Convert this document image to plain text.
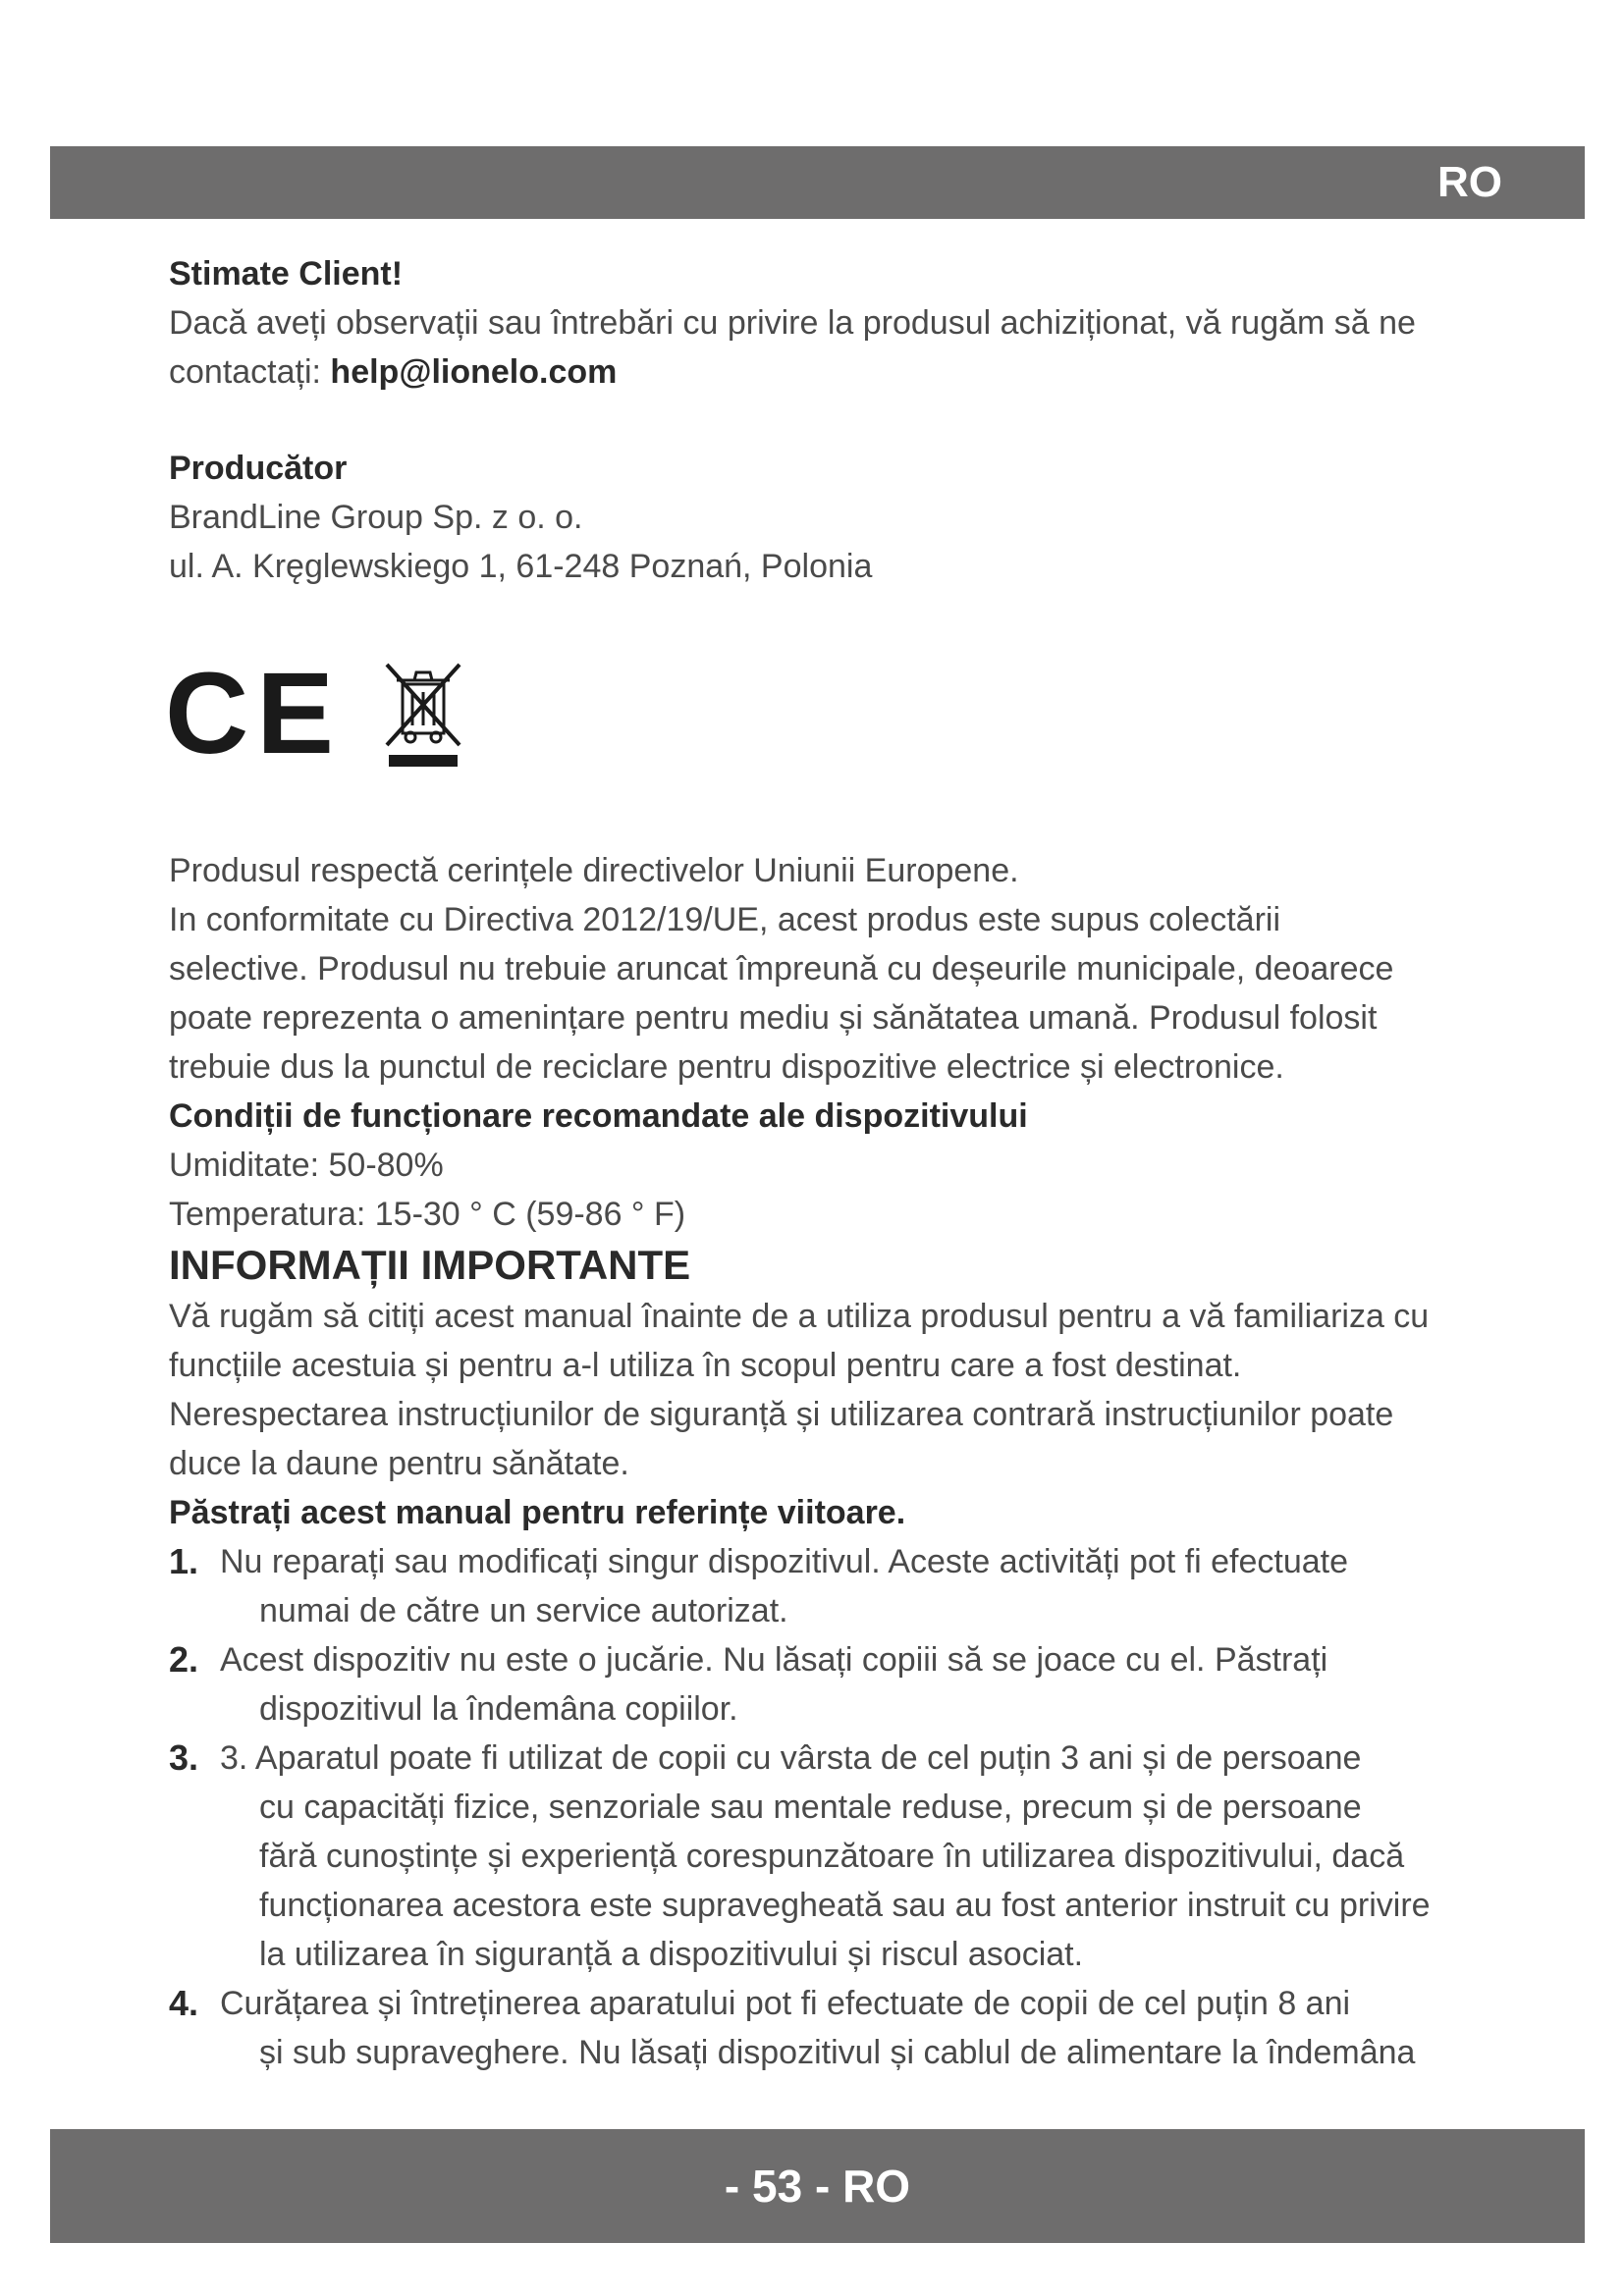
RO
Stimate Client!
Dacă aveți observații sau întrebări cu privire la produsul achiziționat, vă rugăm să ne
contactați: help@lionelo.com
Producător
BrandLine Group Sp. z o. o.
ul. A. Kręglewskiego 1, 61-248 Poznań, Polonia
CE
Produsul respectă cerințele directivelor Uniunii Europene.
In conformitate cu Directiva 2012/19/UE, acest produs este supus colectării
selective. Produsul nu trebuie aruncat împreună cu deșeurile municipale, deoarece
poate reprezenta o amenințare pentru mediu și sănătatea umană. Produsul folosit
trebuie dus la punctul de reciclare pentru dispozitive electrice și electronice.
Condiții de funcționare recomandate ale dispozitivului
Umiditate: 50-80%
Temperatura: 15-30 ° C (59-86 ° F)
INFORMAȚII IMPORTANTE
Vă rugăm să citiți acest manual înainte de a utiliza produsul pentru a vă familiariza cu
funcțiile acestuia și pentru a-l utiliza în scopul pentru care a fost destinat.
Nerespectarea instrucțiunilor de siguranță și utilizarea contrară instrucțiunilor poate
duce la daune pentru sănătate.
Păstrați acest manual pentru referințe viitoare.
1. Nu reparați sau modificați singur dispozitivul. Aceste activități pot fi efectuate
numai de către un service autorizat.
2. Acest dispozitiv nu este o jucărie. Nu lăsați copiii să se joace cu el. Păstrați
dispozitivul la îndemâna copiilor.
3. 3. Aparatul poate fi utilizat de copii cu vârsta de cel puțin 3 ani și de persoane
cu capacități fizice, senzoriale sau mentale reduse, precum și de persoane
fără cunoștințe și experiență corespunzătoare în utilizarea dispozitivului, dacă
funcționarea acestora este supravegheată sau au fost anterior instruit cu privire
la utilizarea în siguranță a dispozitivului și riscul asociat.
4. Curățarea și întreținerea aparatului pot fi efectuate de copii de cel puțin 8 ani
și sub supraveghere. Nu lăsați dispozitivul și cablul de alimentare la îndemâna
- 53 - RO
